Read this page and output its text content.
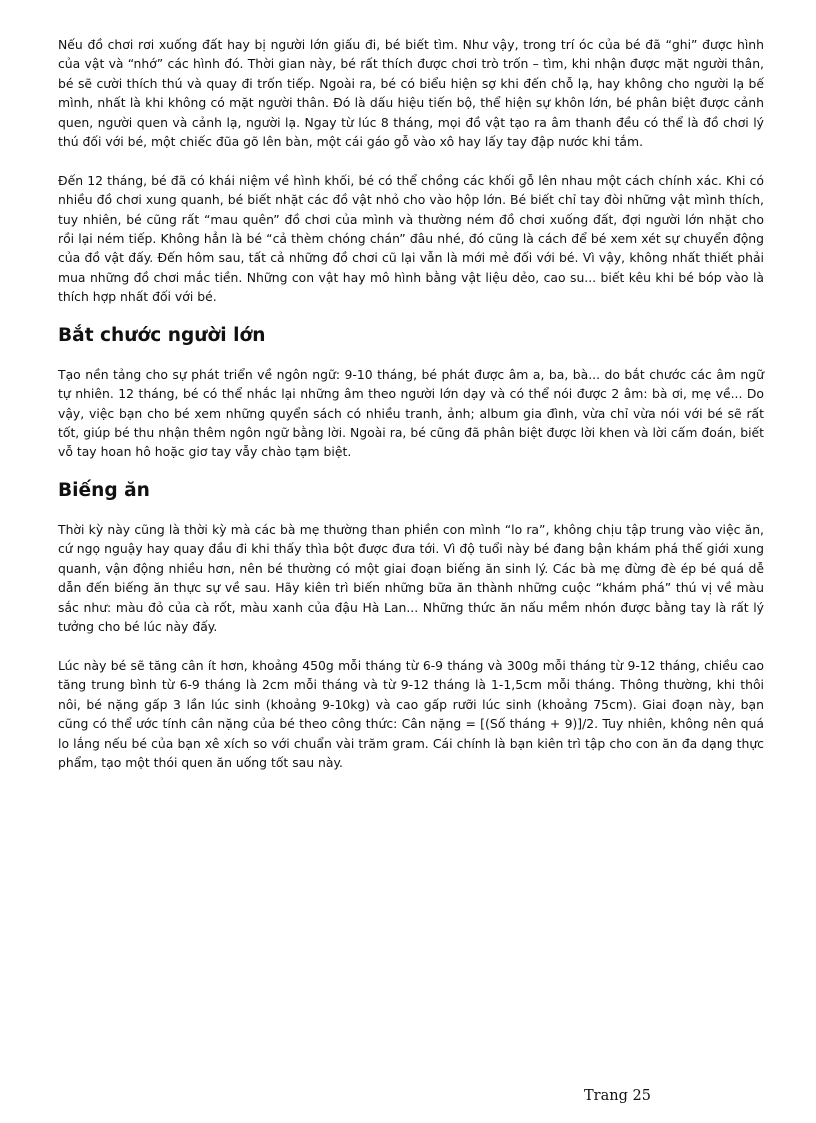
Nếu đồ chơi rơi xuống đất hay bị người lớn giấu đi, bé biết tìm. Như vậy, trong trí óc của bé đã “ghi” được hình của vật và “nhớ” các hình đó. Thời gian này, bé rất thích được chơi trò trốn – tìm, khi nhận được mặt người thân, bé sẽ cười thích thú và quay đi trốn tiếp. Ngoài ra, bé có biểu hiện sợ khi đến chỗ lạ, hay không cho người lạ bế mình, nhất là khi không có mặt người thân. Đó là dấu hiệu tiến bộ, thể hiện sự khôn lớn, bé phân biệt được cảnh quen, người quen và cảnh lạ, người lạ. Ngay từ lúc 8 tháng, mọi đồ vật tạo ra âm thanh đều có thể là đồ chơi lý thú đối với bé, một chiếc đũa gõ lên bàn, một cái gáo gỗ vào xô hay lấy tay đập nước khi tắm.

Đến 12 tháng, bé đã có khái niệm về hình khối, bé có thể chồng các khối gỗ lên nhau một cách chính xác. Khi có nhiều đồ chơi xung quanh, bé biết nhặt các đồ vật nhỏ cho vào hộp lớn. Bé biết chỉ tay đòi những vật mình thích, tuy nhiên, bé cũng rất “mau quên” đồ chơi của mình và thường ném đồ chơi xuống đất, đợi người lớn nhặt cho rồi lại ném tiếp. Không hẳn là bé “cả thèm chóng chán” đâu nhé, đó cũng là cách để bé xem xét sự chuyển động của đồ vật đấy. Đến hôm sau, tất cả những đồ chơi cũ lại vẫn là mới mẻ đối với bé. Vì vậy, không nhất thiết phải mua những đồ chơi mắc tiền. Những con vật hay mô hình bằng vật liệu dẻo, cao su... biết kêu khi bé bóp vào là thích hợp nhất đối với bé.

Bắt chước người lớn

Tạo nền tảng cho sự phát triển về ngôn ngữ: 9-10 tháng, bé phát được âm a, ba, bà... do bắt chước các âm ngữ tự nhiên. 12 tháng, bé có thể nhắc lại những âm theo người lớn dạy và có thể nói được 2 âm: bà ơi, mẹ về... Do vậy, việc bạn cho bé xem những quyển sách có nhiều tranh, ảnh; album gia đình, vừa chỉ vừa nói với bé sẽ rất tốt, giúp bé thu nhận thêm ngôn ngữ bằng lời. Ngoài ra, bé cũng đã phân biệt được lời khen và lời cấm đoán, biết vỗ tay hoan hô hoặc giơ tay vẫy chào tạm biệt.

Biếng ăn

Thời kỳ này cũng là thời kỳ mà các bà mẹ thường than phiền con mình “lo ra”, không chịu tập trung vào việc ăn, cứ ngọ nguậy hay quay đầu đi khi thấy thìa bột được đưa tới. Vì độ tuổi này bé đang bận khám phá thế giới xung quanh, vận động nhiều hơn, nên bé thường có một giai đoạn biếng ăn sinh lý. Các bà mẹ đừng đè ép bé quá dễ dẫn đến biếng ăn thực sự về sau. Hãy kiên trì biến những bữa ăn thành những cuộc “khám phá” thú vị về màu sắc như: màu đỏ của cà rốt, màu xanh của đậu Hà Lan... Những thức ăn nấu mềm nhón được bằng tay là rất lý tưởng cho bé lúc này đấy.

Lúc này bé sẽ tăng cân ít hơn, khoảng 450g mỗi tháng từ 6-9 tháng và 300g mỗi tháng từ 9-12 tháng, chiều cao tăng trung bình từ 6-9 tháng là 2cm mỗi tháng và từ 9-12 tháng là 1-1,5cm mỗi tháng. Thông thường, khi thôi nôi, bé nặng gấp 3 lần lúc sinh (khoảng 9-10kg) và cao gấp rưỡi lúc sinh (khoảng 75cm). Giai đoạn này, bạn cũng có thể ước tính cân nặng của bé theo công thức: Cân nặng = [(Số tháng + 9)]/2. Tuy nhiên, không nên quá lo lắng nếu bé của bạn xê xích so với chuẩn vài trăm gram. Cái chính là bạn kiên trì tập cho con ăn đa dạng thực phẩm, tạo một thói quen ăn uống tốt sau này.

Trang 25
